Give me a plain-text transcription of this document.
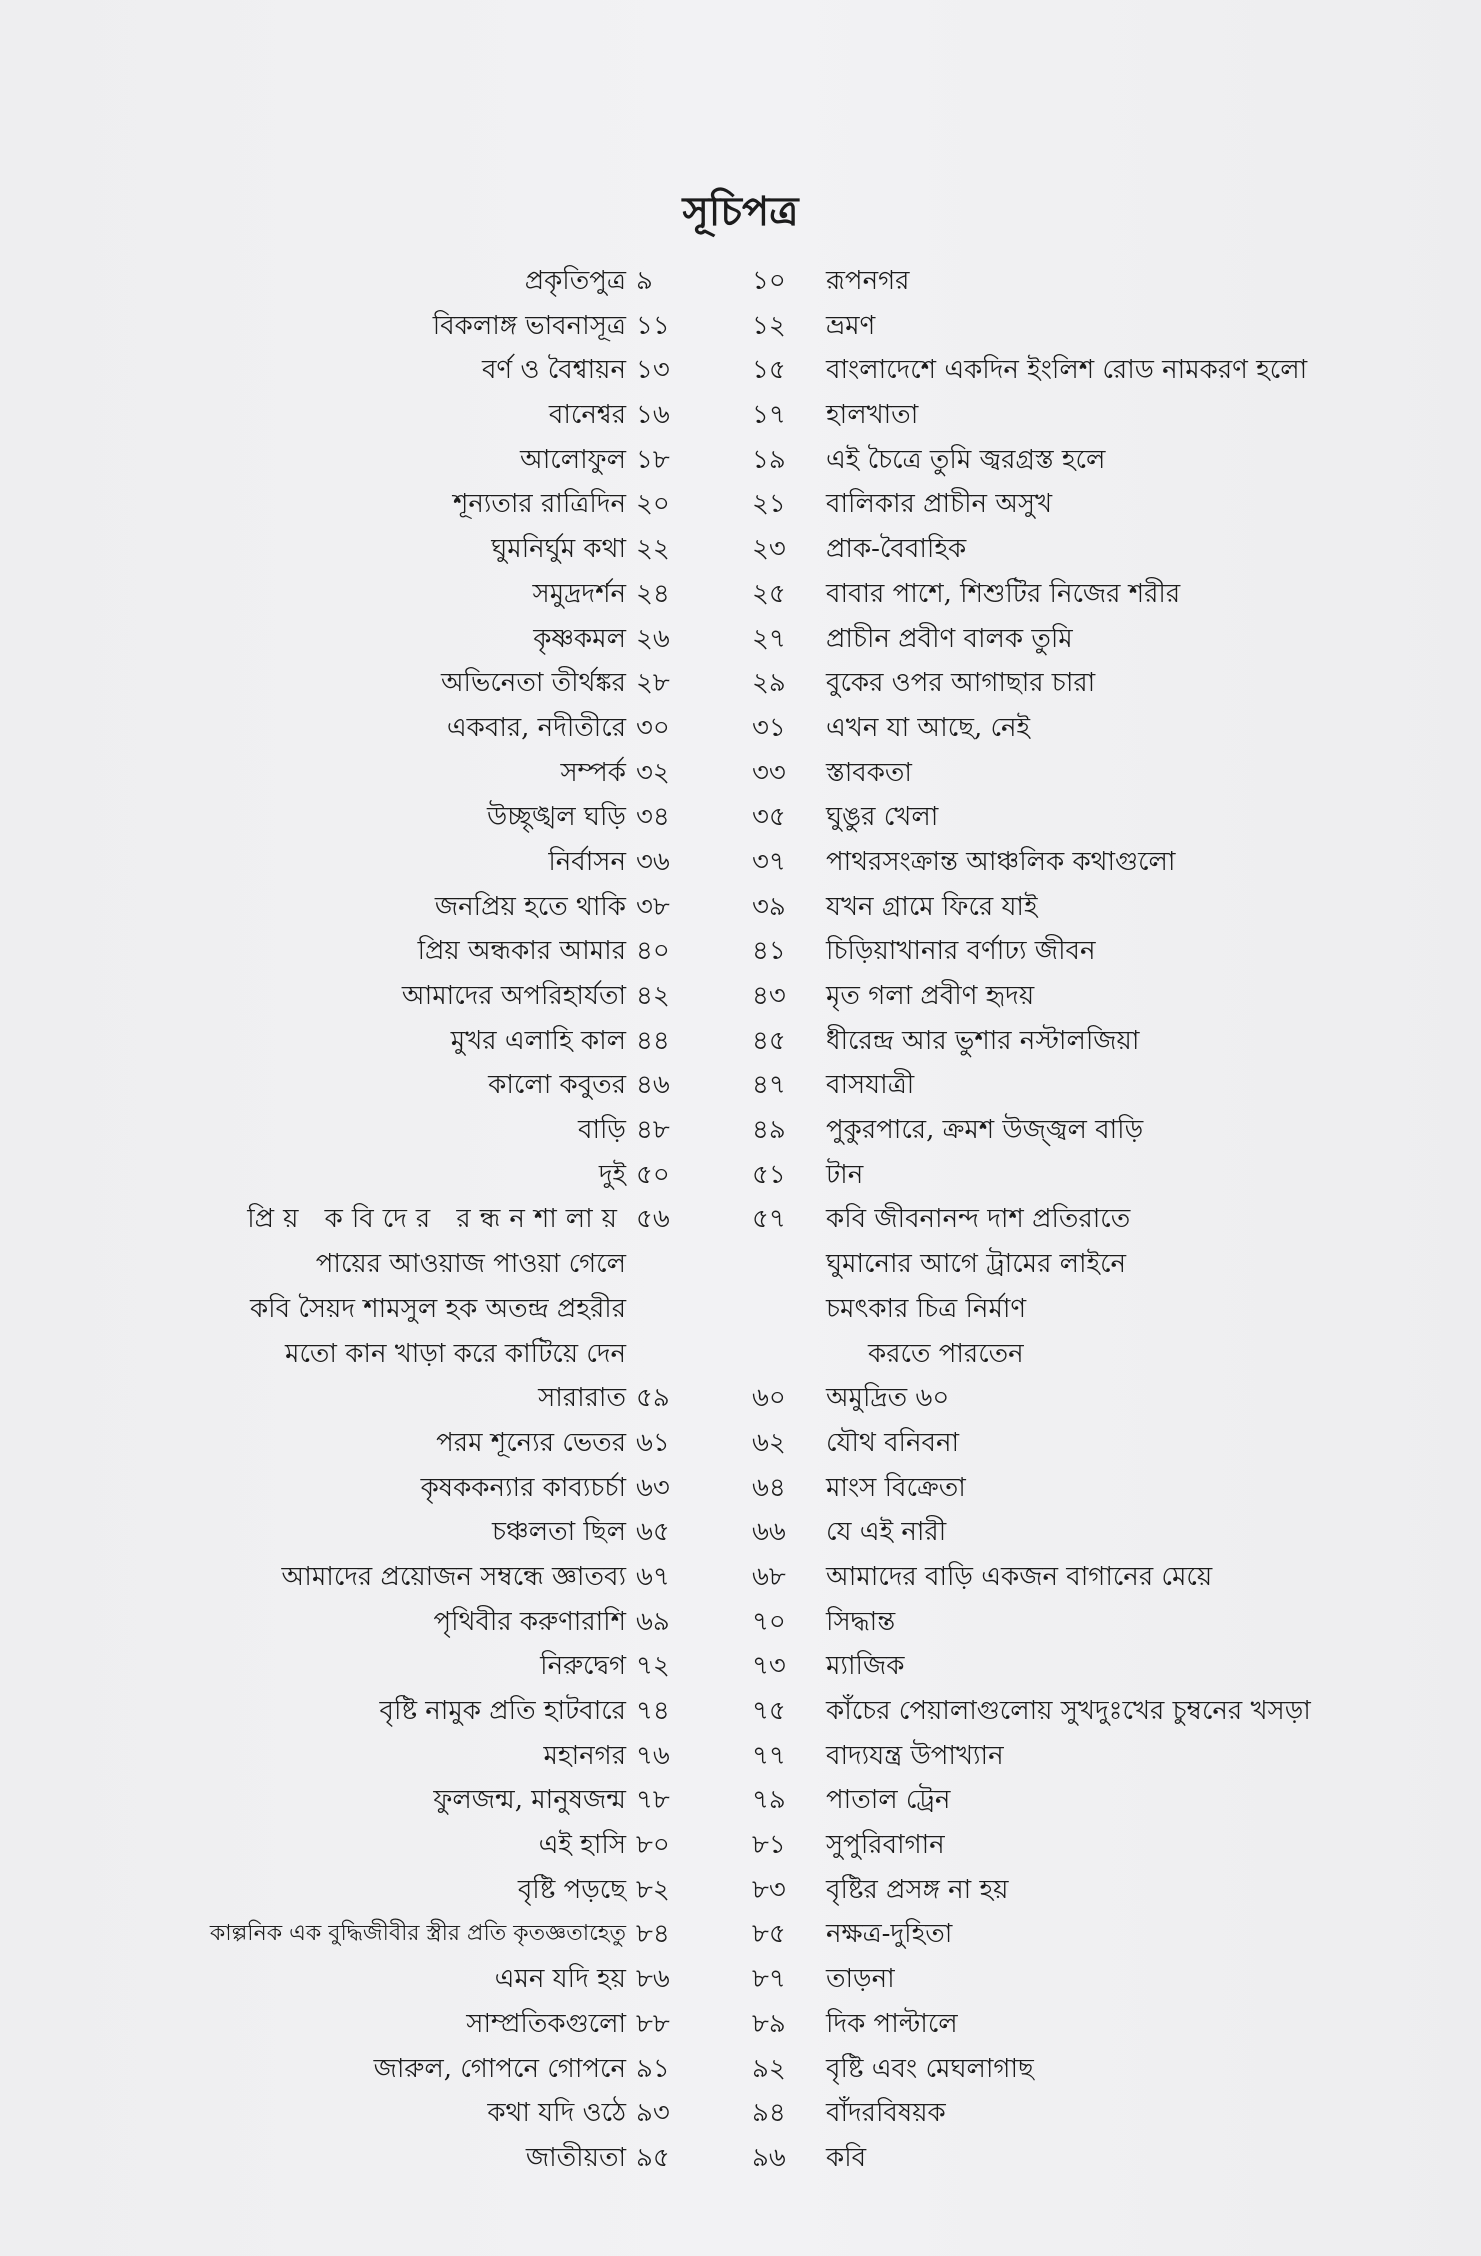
সূচিপত্র
প্রকৃতিপুত্র ৯	১০ রূপনগর
বিকলাঙ্গ ভাবনাসূত্র ১১	১২ ভ্রমণ
বর্ণ ও বৈশ্বায়ন ১৩	১৫ বাংলাদেশে একদিন ইংলিশ রোড নামকরণ হলো
বানেশ্বর ১৬	১৭ হালখাতা
আলোফুল ১৮	১৯ এই চৈত্রে তুমি জ্বরগ্রস্ত হলে
শূন্যতার রাত্রিদিন ২০	২১ বালিকার প্রাচীন অসুখ
ঘুমনির্ঘুম কথা ২২	২৩ প্রাক-বৈবাহিক
সমুদ্রদর্শন ২৪	২৫ বাবার পাশে, শিশুটির নিজের শরীর
কৃষ্ণকমল ২৬	২৭ প্রাচীন প্রবীণ বালক তুমি
অভিনেতা তীর্থঙ্কর ২৮	২৯ বুকের ওপর আগাছার চারা
একবার, নদীতীরে ৩০	৩১ এখন যা আছে, নেই
সম্পর্ক ৩২	৩৩ স্তাবকতা
উচ্ছৃঙ্খল ঘড়ি ৩৪	৩৫ ঘুঙুর খেলা
নির্বাসন ৩৬	৩৭ পাথরসংক্রান্ত আঞ্চলিক কথাগুলো
জনপ্রিয় হতে থাকি ৩৮	৩৯ যখন গ্রামে ফিরে যাই
প্রিয় অন্ধকার আমার ৪০	৪১ চিড়িয়াখানার বর্ণাঢ্য জীবন
আমাদের অপরিহার্যতা ৪২	৪৩ মৃত গলা প্রবীণ হৃদয়
মুখর এলাহি কাল ৪৪	৪৫ ধীরেন্দ্র আর ভুশার নস্টালজিয়া
কালো কবুতর ৪৬	৪৭ বাসযাত্রী
বাড়ি ৪৮	৪৯ পুকুরপারে, ক্রমশ উজ্জ্বল বাড়ি
দুই ৫০	৫১ টান
প্রিয় কবিদের রন্ধনশালায় ৫৬	৫৭ কবি জীবনানন্দ দাশ প্রতিরাতে
পায়ের আওয়াজ পাওয়া গেলে	ঘুমানোর আগে ট্রামের লাইনে
কবি সৈয়দ শামসুল হক অতন্দ্র প্রহরীর	চমৎকার চিত্র নির্মাণ
মতো কান খাড়া করে কাটিয়ে দেন	করতে পারতেন
সারারাত ৫৯	৬০ অমুদ্রিত ৬০
পরম শূন্যের ভেতর ৬১	৬২ যৌথ বনিবনা
কৃষককন্যার কাব্যচর্চা ৬৩	৬৪ মাংস বিক্রেতা
চঞ্চলতা ছিল ৬৫	৬৬ যে এই নারী
আমাদের প্রয়োজন সম্বন্ধে জ্ঞাতব্য ৬৭	৬৮ আমাদের বাড়ি একজন বাগানের মেয়ে
পৃথিবীর করুণারাশি ৬৯	৭০ সিদ্ধান্ত
নিরুদ্বেগ ৭২	৭৩ ম্যাজিক
বৃষ্টি নামুক প্রতি হাটবারে ৭৪	৭৫ কাঁচের পেয়ালাগুলোয় সুখদুঃখের চুম্বনের খসড়া
মহানগর ৭৬	৭৭ বাদ্যযন্ত্র উপাখ্যান
ফুলজন্ম, মানুষজন্ম ৭৮	৭৯ পাতাল ট্রেন
এই হাসি ৮০	৮১ সুপুরিবাগান
বৃষ্টি পড়ছে ৮২	৮৩ বৃষ্টির প্রসঙ্গ না হয়
কাল্পনিক এক বুদ্ধিজীবীর স্ত্রীর প্রতি কৃতজ্ঞতাহেতু ৮৪	৮৫ নক্ষত্র-দুহিতা
এমন যদি হয় ৮৬	৮৭ তাড়না
সাম্প্রতিকগুলো ৮৮	৮৯ দিক পাল্টালে
জারুল, গোপনে গোপনে ৯১	৯২ বৃষ্টি এবং মেঘলাগাছ
কথা যদি ওঠে ৯৩	৯৪ বাঁদরবিষয়ক
জাতীয়তা ৯৫	৯৬ কবি
